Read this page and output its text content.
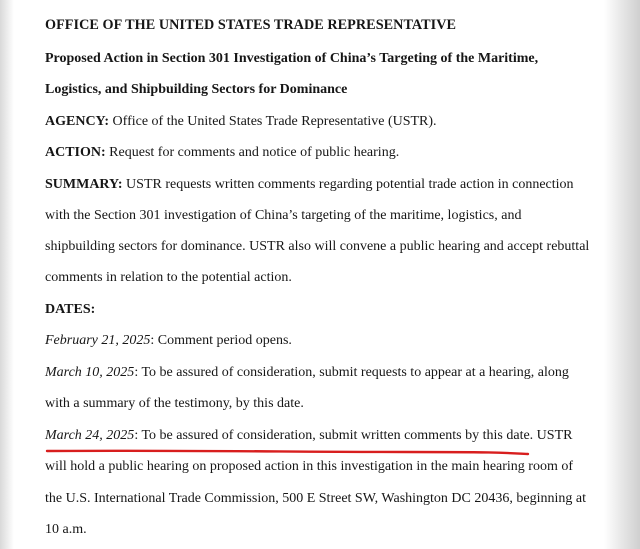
OFFICE OF THE UNITED STATES TRADE REPRESENTATIVE
Proposed Action in Section 301 Investigation of China’s Targeting of the Maritime,
Logistics, and Shipbuilding Sectors for Dominance
AGENCY: Office of the United States Trade Representative (USTR).
ACTION: Request for comments and notice of public hearing.
SUMMARY: USTR requests written comments regarding potential trade action in connection
with the Section 301 investigation of China’s targeting of the maritime, logistics, and
shipbuilding sectors for dominance. USTR also will convene a public hearing and accept rebuttal
comments in relation to the potential action.
DATES:
February 21, 2025: Comment period opens.
March 10, 2025: To be assured of consideration, submit requests to appear at a hearing, along
with a summary of the testimony, by this date.
March 24, 2025: To be assured of consideration, submit written comments by this date. USTR
will hold a public hearing on proposed action in this investigation in the main hearing room of
the U.S. International Trade Commission, 500 E Street SW, Washington DC 20436, beginning at
10 a.m.
